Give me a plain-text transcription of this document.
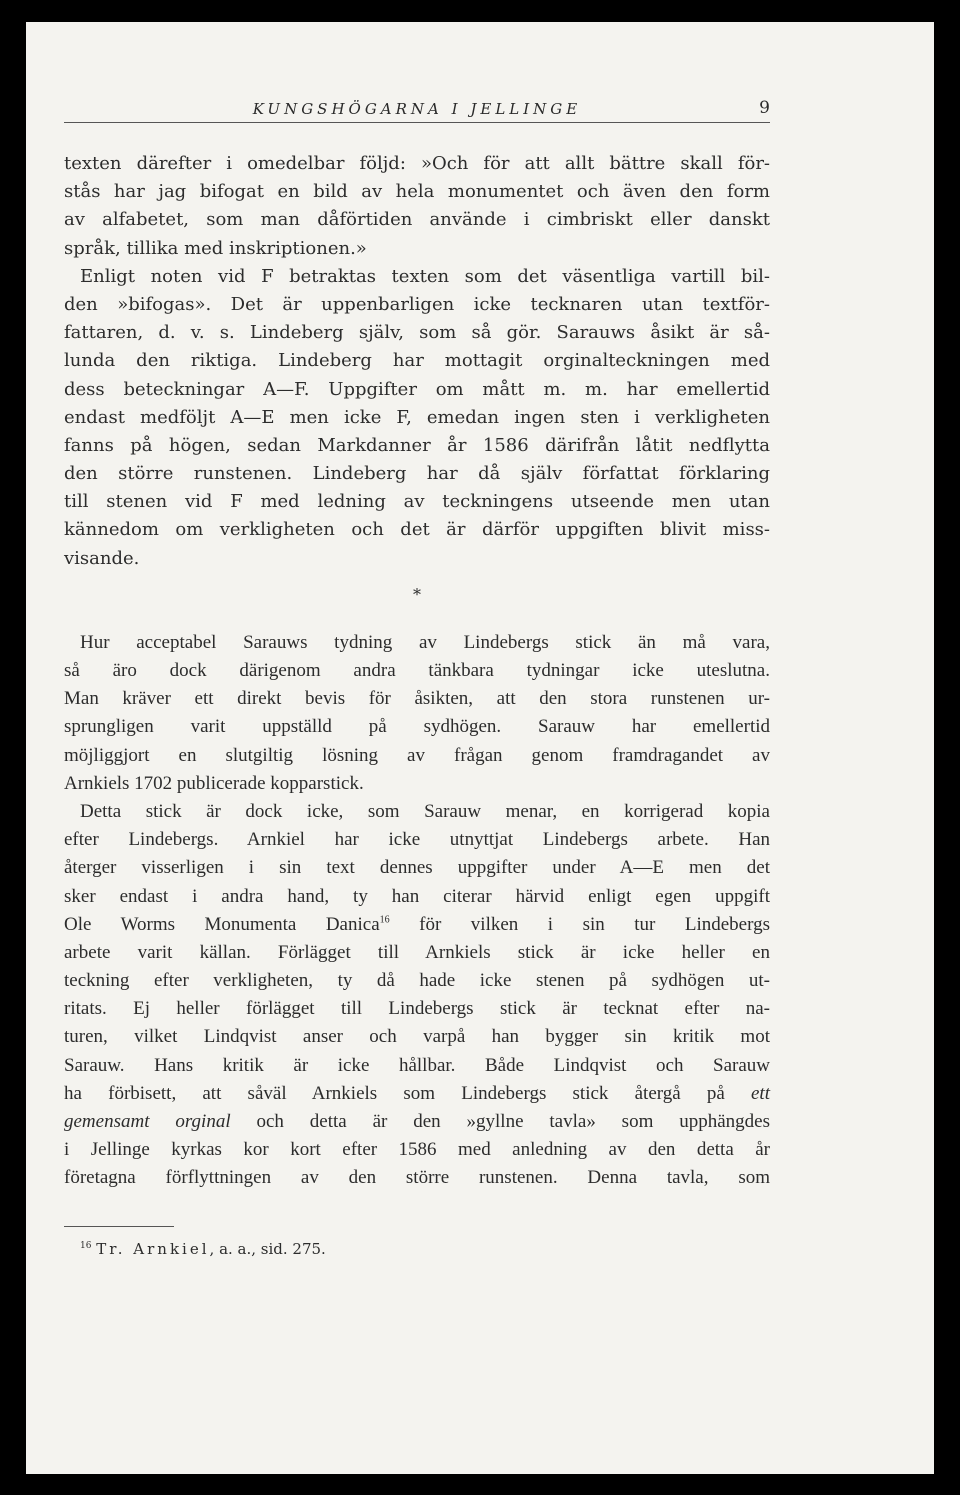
KUNGSHÖGARNA I JELLINGE	9
texten därefter i omedelbar följd: »Och för att allt bättre skall för-
stås har jag bifogat en bild av hela monumentet och även den form
av alfabetet, som man dåförtiden använde i cimbriskt eller danskt
språk, tillika med inskriptionen.»
Enligt noten vid F betraktas texten som det väsentliga vartill bil-
den »bifogas». Det är uppenbarligen icke tecknaren utan textför-
fattaren, d. v. s. Lindeberg själv, som så gör. Sarauws åsikt är så-
lunda den riktiga. Lindeberg har mottagit orginalteckningen med
dess beteckningar A—F. Uppgifter om mått m. m. har emellertid
endast medföljt A—E men icke F, emedan ingen sten i verkligheten
fanns på högen, sedan Markdanner år 1586 därifrån låtit nedflytta
den större runstenen. Lindeberg har då själv författat förklaring
till stenen vid F med ledning av teckningens utseende men utan
kännedom om verkligheten och det är därför uppgiften blivit miss-
visande.
*
Hur acceptabel Sarauws tydning av Lindebergs stick än må vara,
så äro dock därigenom andra tänkbara tydningar icke uteslutna.
Man kräver ett direkt bevis för åsikten, att den stora runstenen ur-
sprungligen varit uppställd på sydhögen. Sarauw har emellertid
möjliggjort en slutgiltig lösning av frågan genom framdragandet av
Arnkiels 1702 publicerade kopparstick.
Detta stick är dock icke, som Sarauw menar, en korrigerad kopia
efter Lindebergs. Arnkiel har icke utnyttjat Lindebergs arbete. Han
återger visserligen i sin text dennes uppgifter under A—E men det
sker endast i andra hand, ty han citerar härvid enligt egen uppgift
Ole Worms Monumenta Danica$^{16}$ för vilken i sin tur Lindebergs
arbete varit källan. Förlägget till Arnkiels stick är icke heller en
teckning efter verkligheten, ty då hade icke stenen på sydhögen ut-
ritats. Ej heller förlägget till Lindebergs stick är tecknat efter na-
turen, vilket Lindqvist anser och varpå han bygger sin kritik mot
Sarauw. Hans kritik är icke hållbar. Både Lindqvist och Sarauw
ha förbisett, att såväl Arnkiels som Lindebergs stick återgå på ett
gemensamt orginal och detta är den »gyllne tavla» som upphängdes
i Jellinge kyrkas kor kort efter 1586 med anledning av den detta år
företagna förflyttningen av den större runstenen. Denna tavla, som
$^{16}$ Tr. Arnkiel, a. a., sid. 275.
